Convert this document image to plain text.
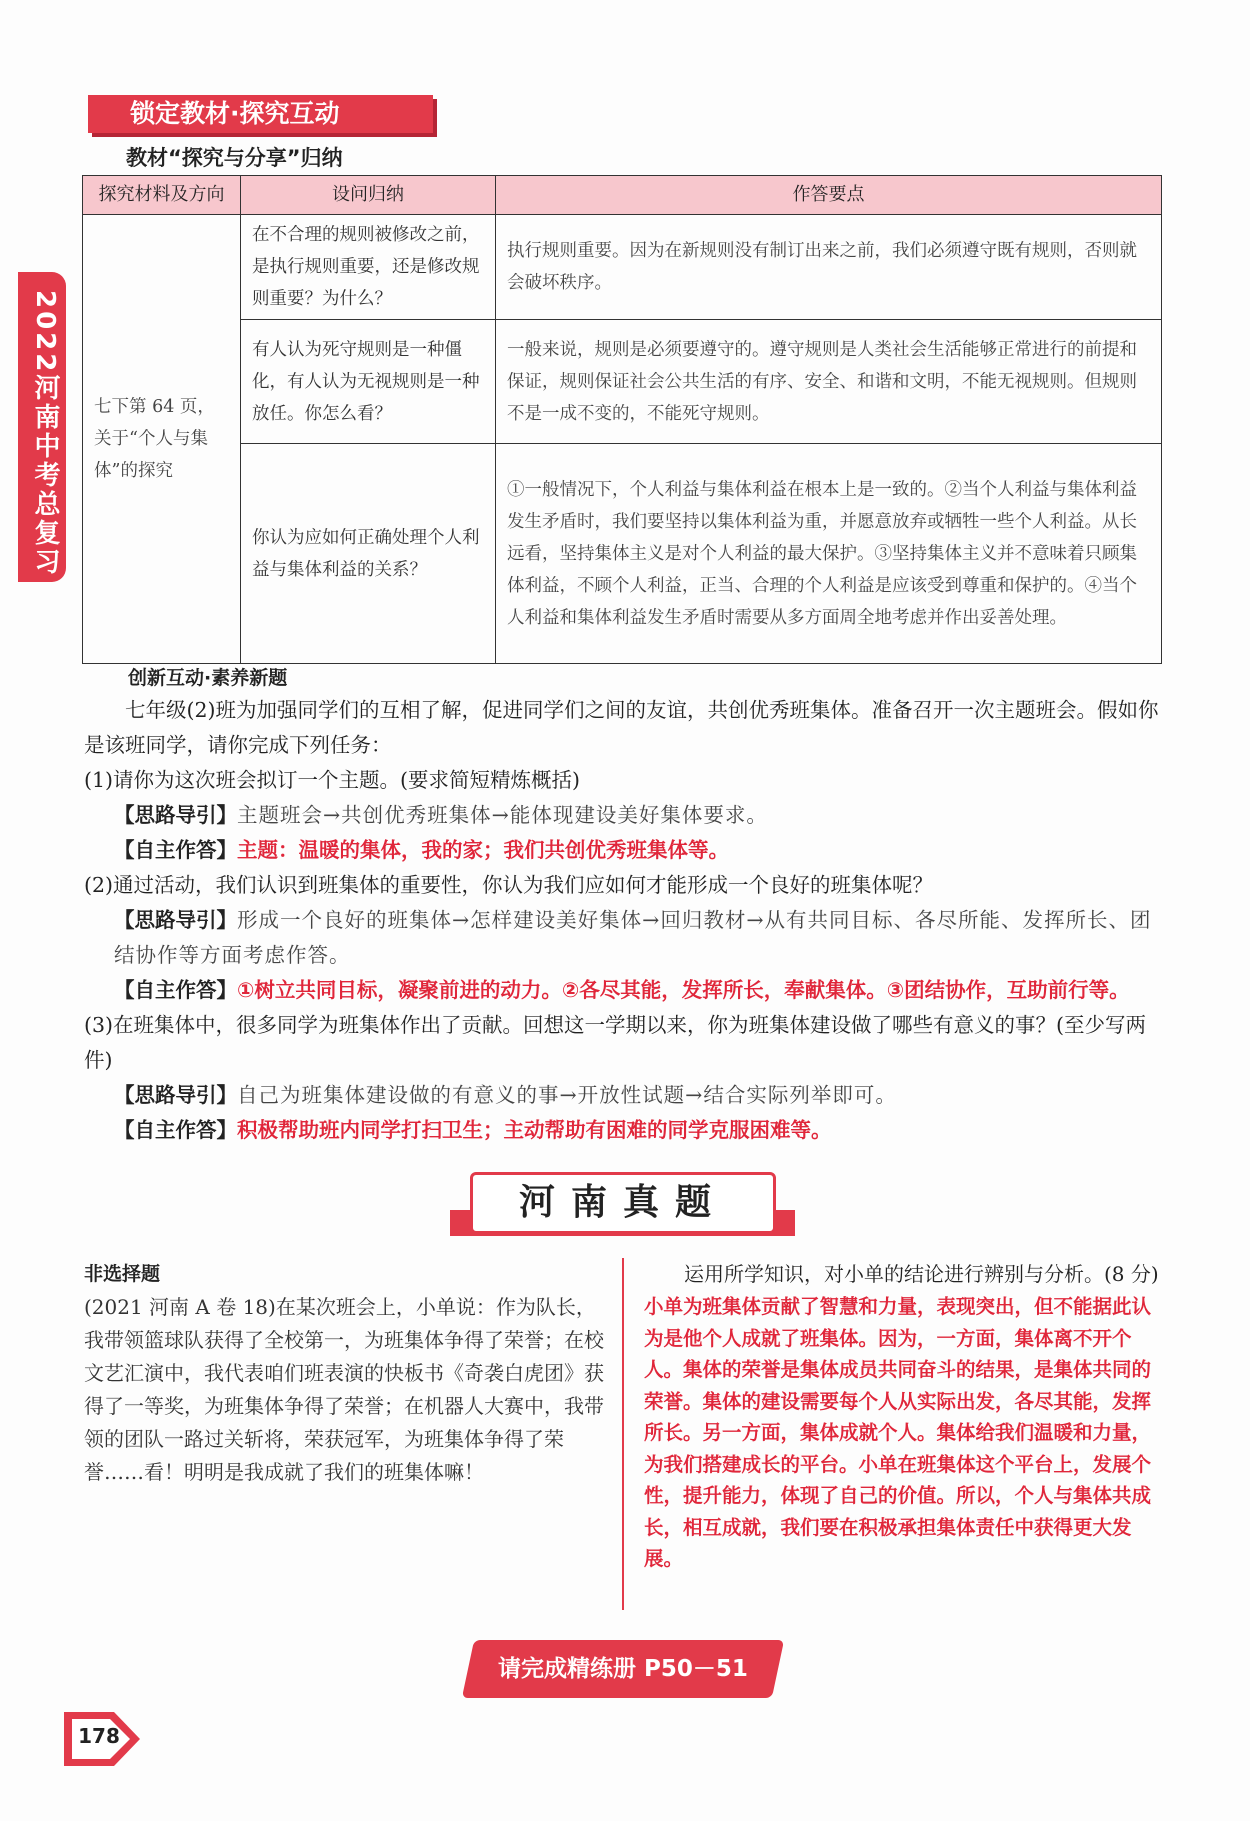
2022河南中考总复习
锁定教材·探究互动
教材“探究与分享”归纳
探究材料及方向	设问归纳	作答要点
七下第 64 页，关于“个人与集体”的探究	在不合理的规则被修改之前，是执行规则重要，还是修改规则重要？为什么？	执行规则重要。因为在新规则没有制订出来之前，我们必须遵守既有规则，否则就会破坏秩序。
	有人认为死守规则是一种僵化，有人认为无视规则是一种放任。你怎么看？	一般来说，规则是必须要遵守的。遵守规则是人类社会生活能够正常进行的前提和保证，规则保证社会公共生活的有序、安全、和谐和文明，不能无视规则。但规则不是一成不变的，不能死守规则。
	你认为应如何正确处理个人利益与集体利益的关系？	①一般情况下，个人利益与集体利益在根本上是一致的。②当个人利益与集体利益发生矛盾时，我们要坚持以集体利益为重，并愿意放弃或牺牲一些个人利益。从长远看，坚持集体主义是对个人利益的最大保护。③坚持集体主义并不意味着只顾集体利益，不顾个人利益，正当、合理的个人利益是应该受到尊重和保护的。④当个人利益和集体利益发生矛盾时需要从多方面周全地考虑并作出妥善处理。
创新互动·素养新题
七年级(2)班为加强同学们的互相了解，促进同学们之间的友谊，共创优秀班集体。准备召开一次主题班会。假如你是该班同学，请你完成下列任务：
(1)请你为这次班会拟订一个主题。(要求简短精炼概括)
【思路导引】主题班会→共创优秀班集体→能体现建设美好集体要求。
【自主作答】主题：温暖的集体，我的家；我们共创优秀班集体等。
(2)通过活动，我们认识到班集体的重要性，你认为我们应如何才能形成一个良好的班集体呢？
【思路导引】形成一个良好的班集体→怎样建设美好集体→回归教材→从有共同目标、各尽所能、发挥所长、团结协作等方面考虑作答。
【自主作答】①树立共同目标，凝聚前进的动力。②各尽其能，发挥所长，奉献集体。③团结协作，互助前行等。
(3)在班集体中，很多同学为班集体作出了贡献。回想这一学期以来，你为班集体建设做了哪些有意义的事？(至少写两件)
【思路导引】自己为班集体建设做的有意义的事→开放性试题→结合实际列举即可。
【自主作答】积极帮助班内同学打扫卫生；主动帮助有困难的同学克服困难等。
河南真题
非选择题
(2021 河南 A 卷 18)在某次班会上，小单说：作为队长，我带领篮球队获得了全校第一，为班集体争得了荣誉；在校文艺汇演中，我代表咱们班表演的快板书《奇袭白虎团》获得了一等奖，为班集体争得了荣誉；在机器人大赛中，我带领的团队一路过关斩将，荣获冠军，为班集体争得了荣誉……看！明明是我成就了我们的班集体嘛！
运用所学知识，对小单的结论进行辨别与分析。(8 分)
小单为班集体贡献了智慧和力量，表现突出，但不能据此认为是他个人成就了班集体。因为，一方面，集体离不开个人。集体的荣誉是集体成员共同奋斗的结果，是集体共同的荣誉。集体的建设需要每个人从实际出发，各尽其能，发挥所长。另一方面，集体成就个人。集体给我们温暖和力量，为我们搭建成长的平台。小单在班集体这个平台上，发展个性，提升能力，体现了自己的价值。所以，个人与集体共成长，相互成就，我们要在积极承担集体责任中获得更大发展。
请完成精练册 P50－51
178
